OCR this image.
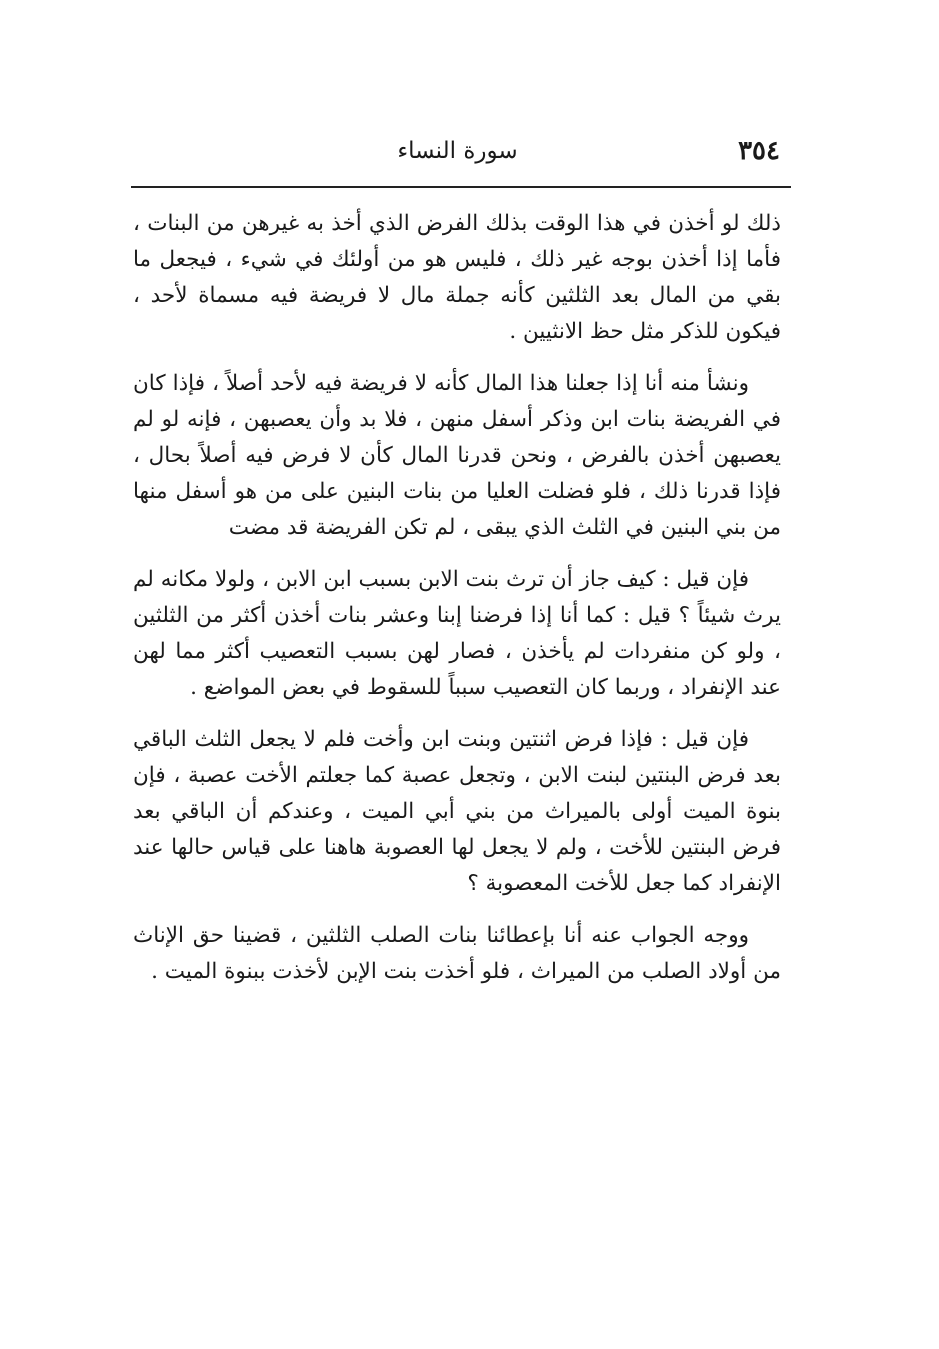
٣٥٤
سورة النساء

ذلك لو أخذن في هذا الوقت بذلك الفرض الذي أخذ به غيرهن من البنات ، فأما إذا أخذن بوجه غير ذلك ، فليس هو من أولئك في شيء ، فيجعل ما بقي من المال بعد الثلثين كأنه جملة مال لا فريضة فيه مسماة لأحد ، فيكون للذكر مثل حظ الانثيين .

ونشأ منه أنا إذا جعلنا هذا المال كأنه لا فريضة فيه لأحد أصلاً ، فإذا كان في الفريضة بنات ابن وذكر أسفل منهن ، فلا بد وأن يعصبهن ، فإنه لو لم يعصبهن أخذن بالفرض ، ونحن قدرنا المال كأن لا فرض فيه أصلاً بحال ، فإذا قدرنا ذلك ، فلو فضلت العليا من بنات البنين على من هو أسفل منها من بني البنين في الثلث الذي يبقى ، لم تكن الفريضة قد مضت

فإن قيل : كيف جاز أن ترث بنت الابن بسبب ابن الابن ، ولولا مكانه لم يرث شيئاً ؟ قيل : كما أنا إذا فرضنا إبنا وعشر بنات أخذن أكثر من الثلثين ، ولو كن منفردات لم يأخذن ، فصار لهن بسبب التعصيب أكثر مما لهن عند الإنفراد ، وربما كان التعصيب سبباً للسقوط في بعض المواضع .

فإن قيل : فإذا فرض اثنتين وبنت ابن وأخت فلم لا يجعل الثلث الباقي بعد فرض البنتين لبنت الابن ، وتجعل عصبة كما جعلتم الأخت عصبة ، فإن بنوة الميت أولى بالميراث من بني أبي الميت ، وعندكم أن الباقي بعد فرض البنتين للأخت ، ولم لا يجعل لها العصوبة هاهنا على قياس حالها عند الإنفراد كما جعل للأخت المعصوبة ؟

ووجه الجواب عنه أنا بإعطائنا بنات الصلب الثلثين ، قضينا حق الإناث من أولاد الصلب من الميراث ، فلو أخذت بنت الإبن لأخذت ببنوة الميت .
